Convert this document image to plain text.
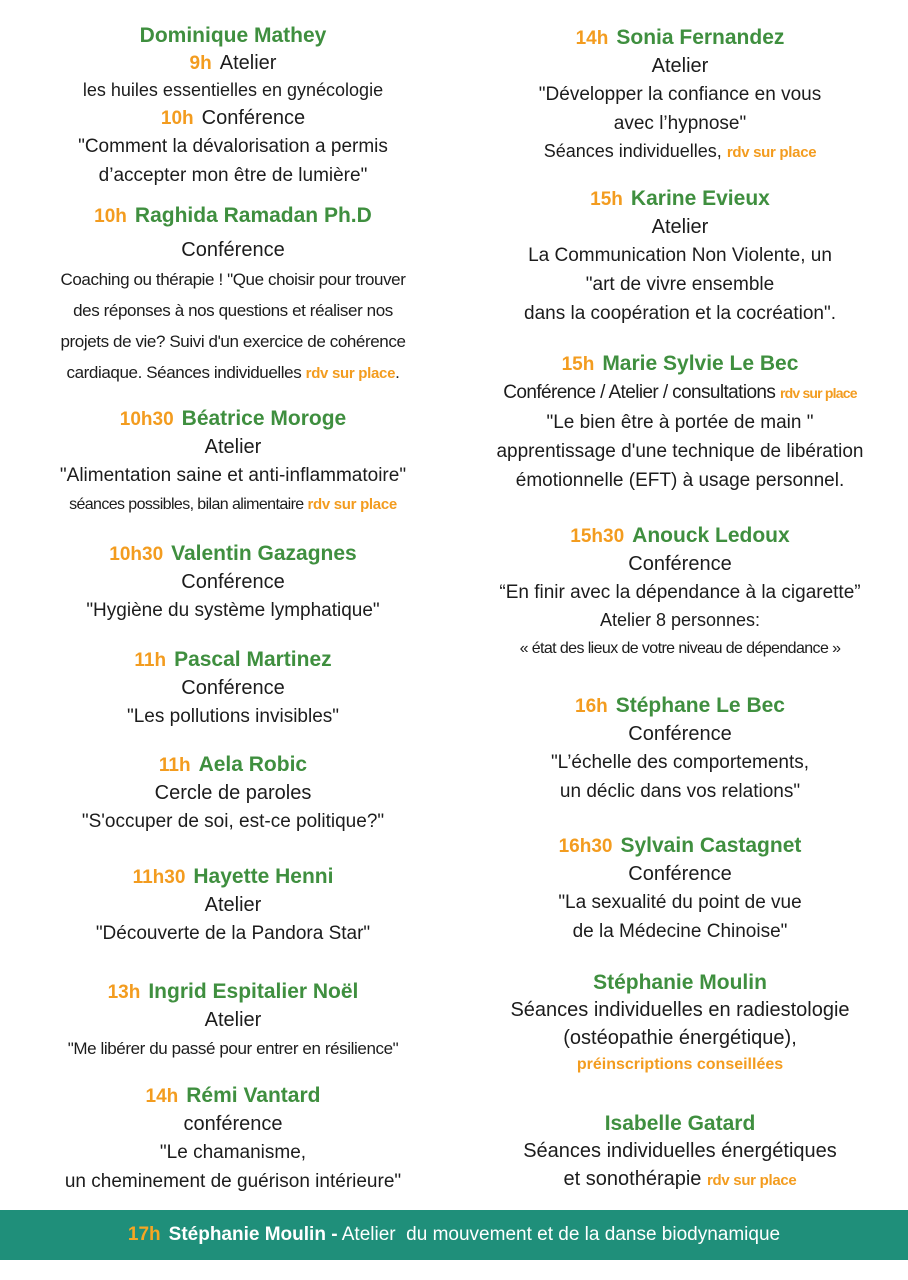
Dominique Mathey
9h Atelier
les huiles essentielles en gynécologie
10h Conférence
"Comment la dévalorisation a permis
d’accepter mon être de lumière"
10h Raghida Ramadan Ph.D
Conférence
Coaching ou thérapie ! "Que choisir pour trouver
des réponses à nos questions et réaliser nos
projets de vie? Suivi d'un exercice de cohérence
cardiaque. Séances individuelles rdv sur place.
10h30 Béatrice Moroge
Atelier
"Alimentation saine et anti-inflammatoire"
séances possibles, bilan alimentaire rdv sur place
10h30 Valentin Gazagnes
Conférence
"Hygiène du système lymphatique"
11h Pascal Martinez
Conférence
"Les pollutions invisibles"
11h Aela Robic
Cercle de paroles
"S'occuper de soi, est-ce politique?"
11h30 Hayette Henni
Atelier
"Découverte de la Pandora Star"
13h Ingrid Espitalier Noël
Atelier
"Me libérer du passé pour entrer en résilience"
14h Rémi Vantard
conférence
"Le chamanisme,
un cheminement de guérison intérieure"
14h Sonia Fernandez
Atelier
"Développer la confiance en vous
avec l’hypnose"
Séances individuelles, rdv sur place
15h Karine Evieux
Atelier
La Communication Non Violente, un
"art de vivre ensemble
dans la coopération et la cocréation".
15h Marie Sylvie Le Bec
Conférence / Atelier / consultations rdv sur place
"Le bien être à portée de main "
apprentissage d'une technique de libération
émotionnelle (EFT) à usage personnel.
15h30 Anouck Ledoux
Conférence
“En finir avec la dépendance à la cigarette”
Atelier 8 personnes:
« état des lieux de votre niveau de dépendance »
16h Stéphane Le Bec
Conférence
"L’échelle des comportements,
un déclic dans vos relations"
16h30 Sylvain Castagnet
Conférence
"La sexualité du point de vue
de la Médecine Chinoise"
Stéphanie Moulin
Séances individuelles en radiestologie
(ostéopathie énergétique),
préinscriptions conseillées
Isabelle Gatard
Séances individuelles énergétiques
et sonothérapie rdv sur place
17h Stéphanie Moulin - Atelier  du mouvement et de la danse biodynamique
